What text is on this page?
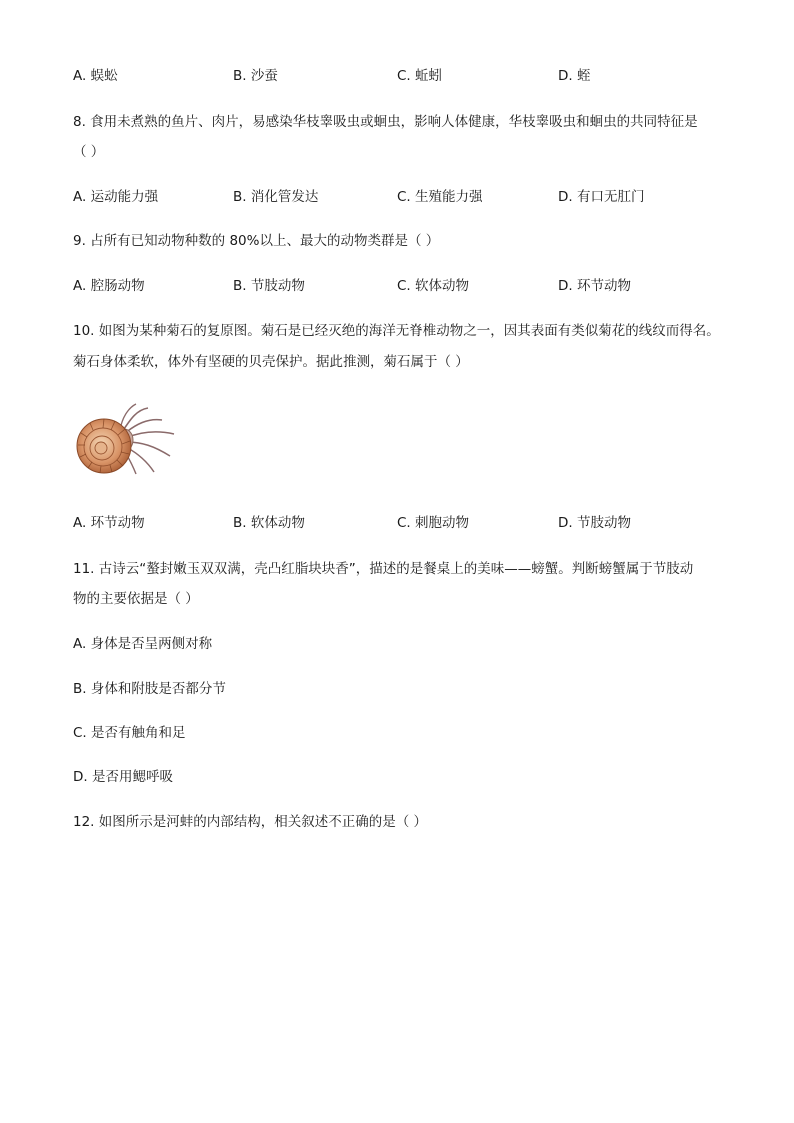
A. 蜈蚣	B. 沙蚕	C. 蚯蚓	D. 蛭
8. 食用未煮熟的鱼片、肉片，易感染华枝睾吸虫或蛔虫，影响人体健康，华枝睾吸虫和蛔虫的共同特征是
（ ）
A. 运动能力强	B. 消化管发达	C. 生殖能力强	D. 有口无肛门
9. 占所有已知动物种数的 80%以上、最大的动物类群是（ ）
A. 腔肠动物	B. 节肢动物	C. 软体动物	D. 环节动物
10. 如图为某种菊石的复原图。菊石是已经灭绝的海洋无脊椎动物之一，因其表面有类似菊花的线纹而得名。
菊石身体柔软，体外有坚硬的贝壳保护。据此推测，菊石属于（ ）
A. 环节动物	B. 软体动物	C. 刺胞动物	D. 节肢动物
11. 古诗云“螯封嫩玉双双满，壳凸红脂块块香”，描述的是餐桌上的美味——螃蟹。判断螃蟹属于节肢动
物的主要依据是（ ）
A. 身体是否呈两侧对称
B. 身体和附肢是否都分节
C. 是否有触角和足
D. 是否用鳃呼吸
12. 如图所示是河蚌的内部结构，相关叙述不正确的是（ ）
